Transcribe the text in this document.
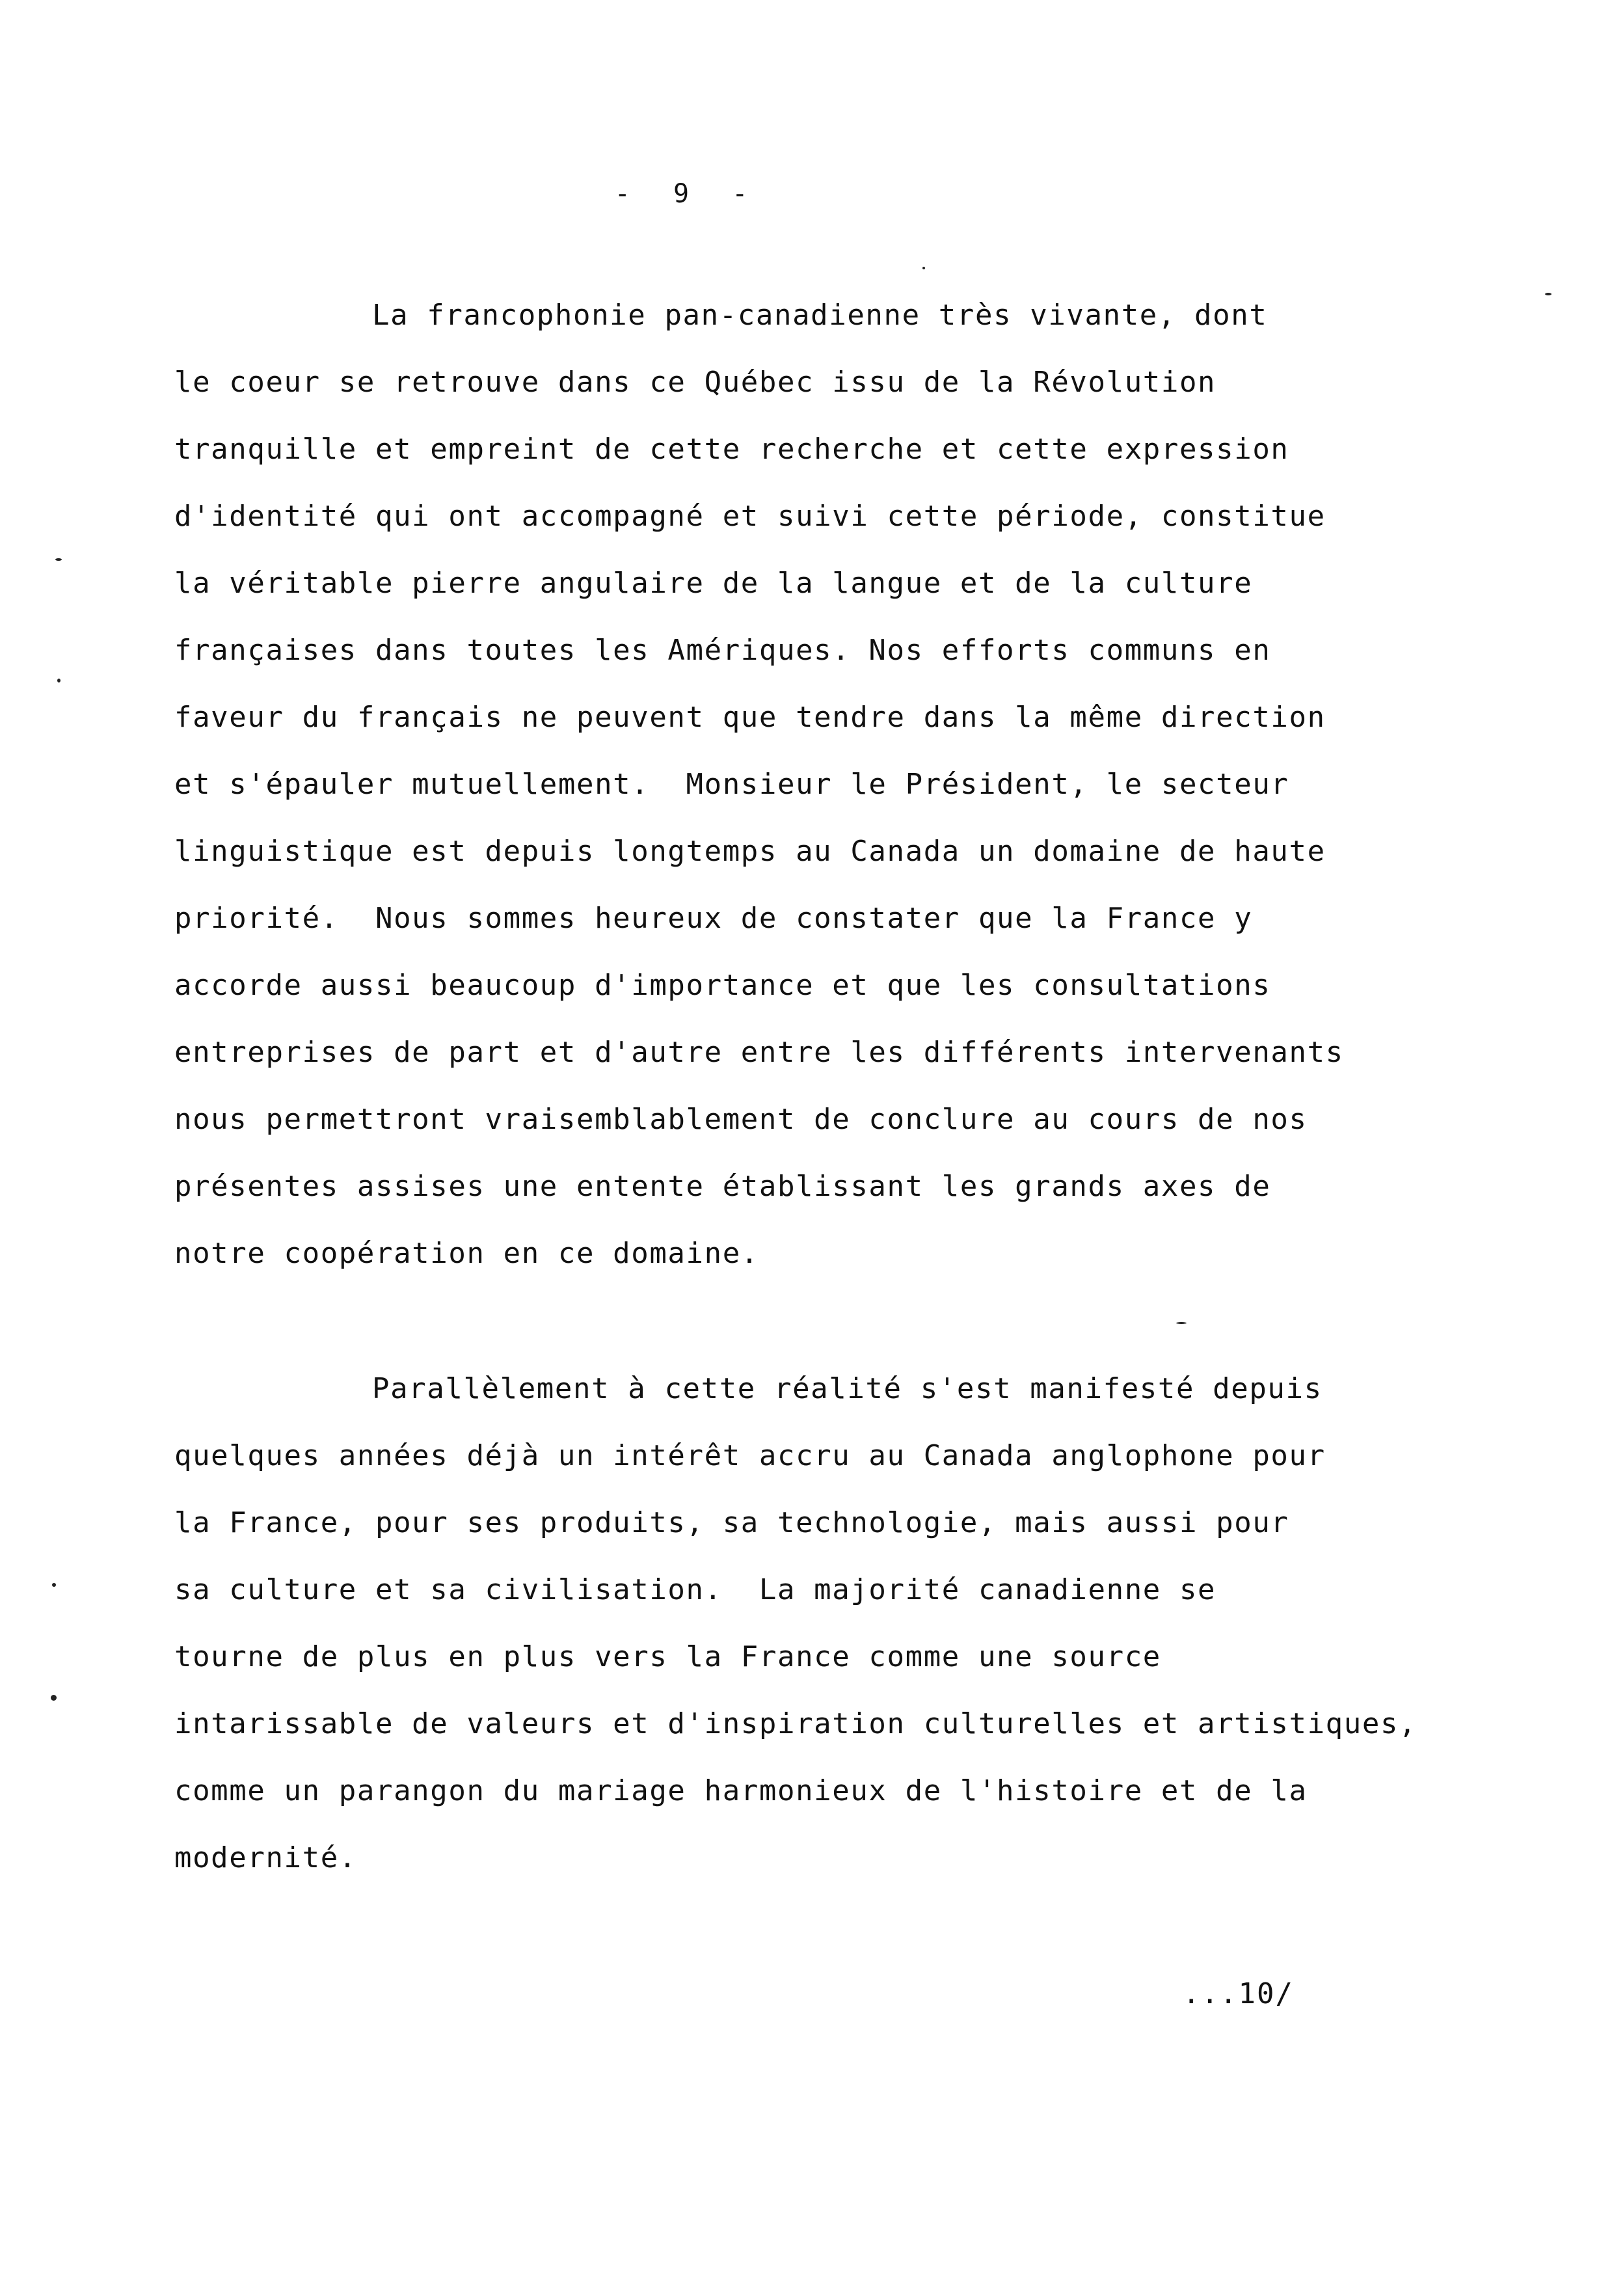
-  9  -
La francophonie pan-canadienne très vivante, dont
le coeur se retrouve dans ce Québec issu de la Révolution
tranquille et empreint de cette recherche et cette expression
d'identité qui ont accompagné et suivi cette période, constitue
la véritable pierre angulaire de la langue et de la culture
françaises dans toutes les Amériques. Nos efforts communs en
faveur du français ne peuvent que tendre dans la même direction
et s'épauler mutuellement.  Monsieur le Président, le secteur
linguistique est depuis longtemps au Canada un domaine de haute
priorité.  Nous sommes heureux de constater que la France y
accorde aussi beaucoup d'importance et que les consultations
entreprises de part et d'autre entre les différents intervenants
nous permettront vraisemblablement de conclure au cours de nos
présentes assises une entente établissant les grands axes de
notre coopération en ce domaine.
Parallèlement à cette réalité s'est manifesté depuis
quelques années déjà un intérêt accru au Canada anglophone pour
la France, pour ses produits, sa technologie, mais aussi pour
sa culture et sa civilisation.  La majorité canadienne se
tourne de plus en plus vers la France comme une source
intarissable de valeurs et d'inspiration culturelles et artistiques,
comme un parangon du mariage harmonieux de l'histoire et de la
modernité.
...10/
